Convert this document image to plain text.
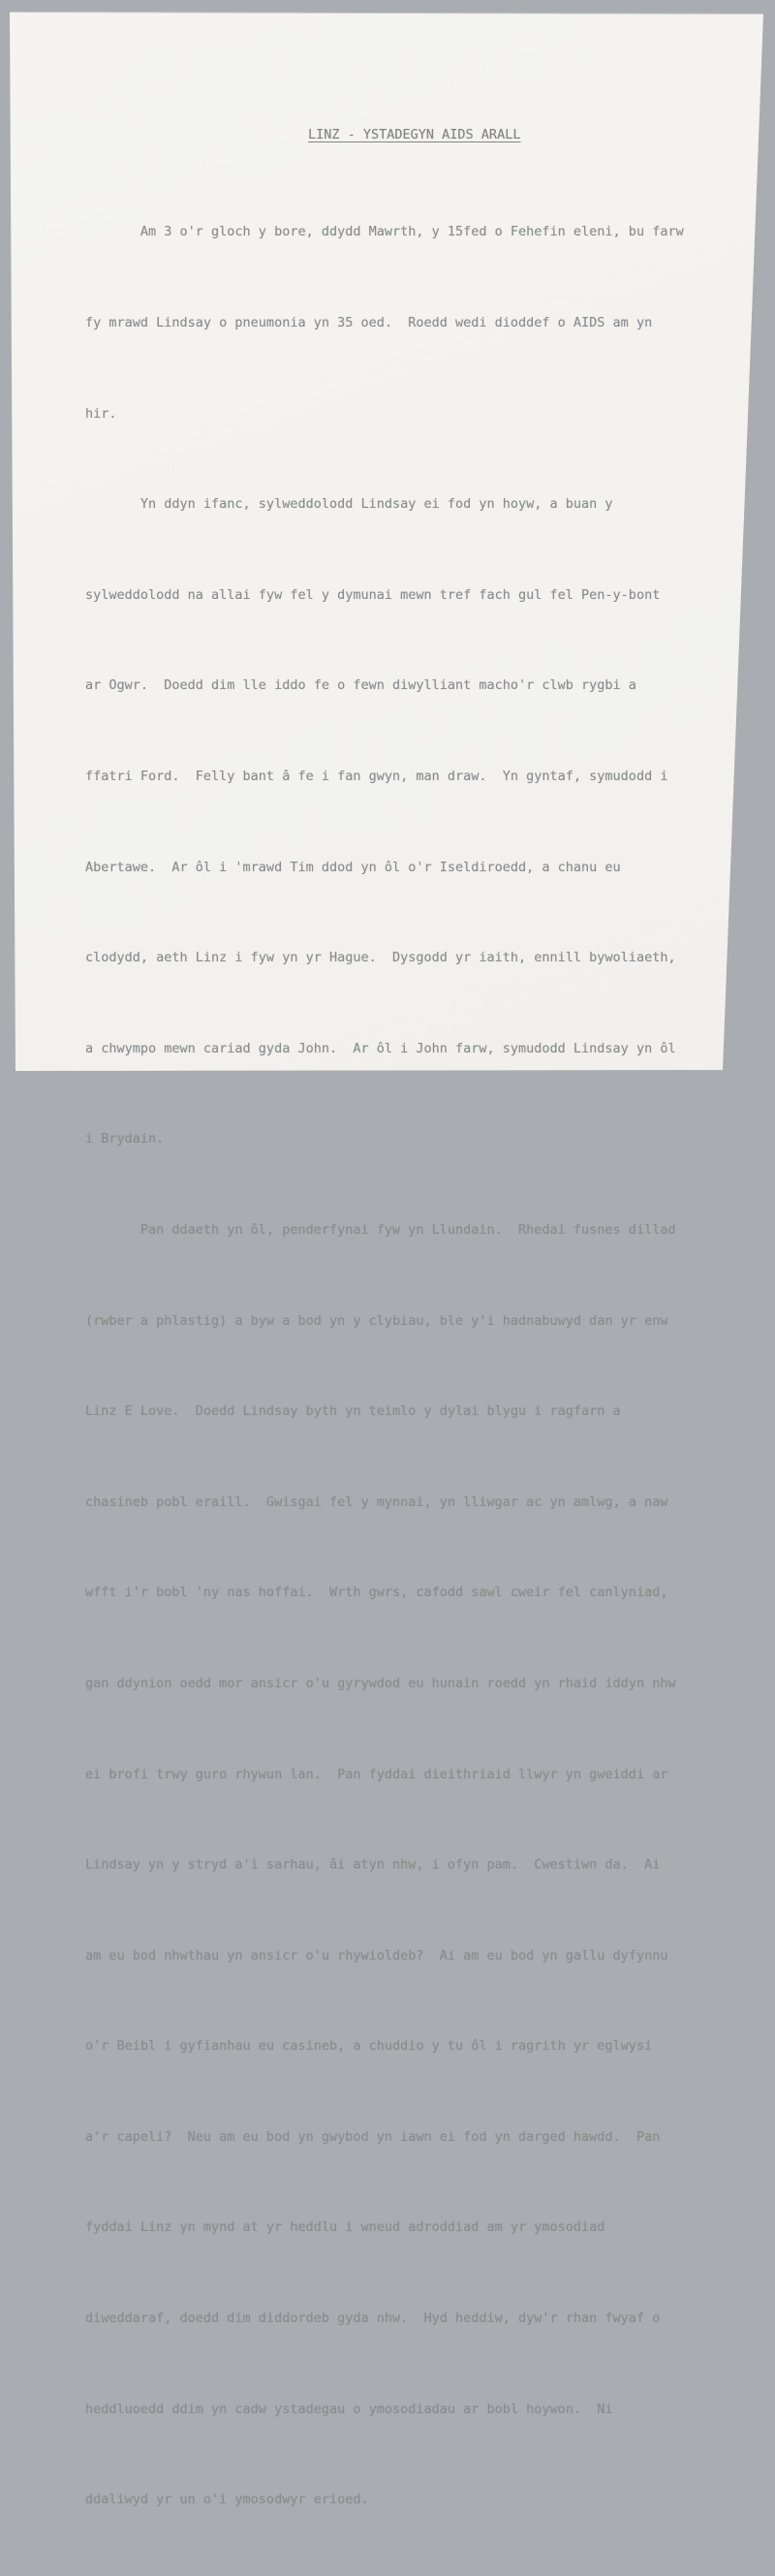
LINZ - YSTADEGYN AIDS ARALL

Am 3 o'r gloch y bore, ddydd Mawrth, y 15fed o Fehefin eleni, bu farw

fy mrawd Lindsay o pneumonia yn 35 oed.  Roedd wedi dioddef o AIDS am yn

hir.

Yn ddyn ifanc, sylweddolodd Lindsay ei fod yn hoyw, a buan y

sylweddolodd na allai fyw fel y dymunai mewn tref fach gul fel Pen-y-bont

ar Ogwr.  Doedd dim lle iddo fe o fewn diwylliant macho'r clwb rygbi a

ffatri Ford.  Felly bant â fe i fan gwyn, man draw.  Yn gyntaf, symudodd i

Abertawe.  Ar ôl i 'mrawd Tim ddod yn ôl o'r Iseldiroedd, a chanu eu

clodydd, aeth Linz i fyw yn yr Hague.  Dysgodd yr iaith, ennill bywoliaeth,

a chwympo mewn cariad gyda John.  Ar ôl i John farw, symudodd Lindsay yn ôl

i Brydain.

Pan ddaeth yn ôl, penderfynai fyw yn Llundain.  Rhedai fusnes dillad

(rwber a phlastig) a byw a bod yn y clybiau, ble y'i hadnabuwyd dan yr enw

Linz E Love.  Doedd Lindsay byth yn teimlo y dylai blygu i ragfarn a

chasineb pobl eraill.  Gwisgai fel y mynnai, yn lliwgar ac yn amlwg, a naw

wfft i'r bobl 'ny nas hoffai.  Wrth gwrs, cafodd sawl cweir fel canlyniad,

gan ddynion oedd mor ansicr o'u gyrywdod eu hunain roedd yn rhaid iddyn nhw

ei brofi trwy guro rhywun lan.  Pan fyddai dieithriaid llwyr yn gweiddi ar

Lindsay yn y stryd a'i sarhau, âi atyn nhw, i ofyn pam.  Cwestiwn da.  Ai

am eu bod nhwthau yn ansicr o'u rhywioldeb?  Ai am eu bod yn gallu dyfynnu

o'r Beibl i gyfianhau eu casineb, a chuddio y tu ôl i ragrith yr eglwysi

a'r capeli?  Neu am eu bod yn gwybod yn iawn ei fod yn darged hawdd.  Pan

fyddai Linz yn mynd at yr heddlu i wneud adroddiad am yr ymosodiad

diweddaraf, doedd dim diddordeb gyda nhw.  Hyd heddiw, dyw'r rhan fwyaf o

heddluoedd ddim yn cadw ystadegau o ymosodiadau ar bobl hoywon.  Ni

ddaliwyd yr un o'i ymosodwyr erioed.
